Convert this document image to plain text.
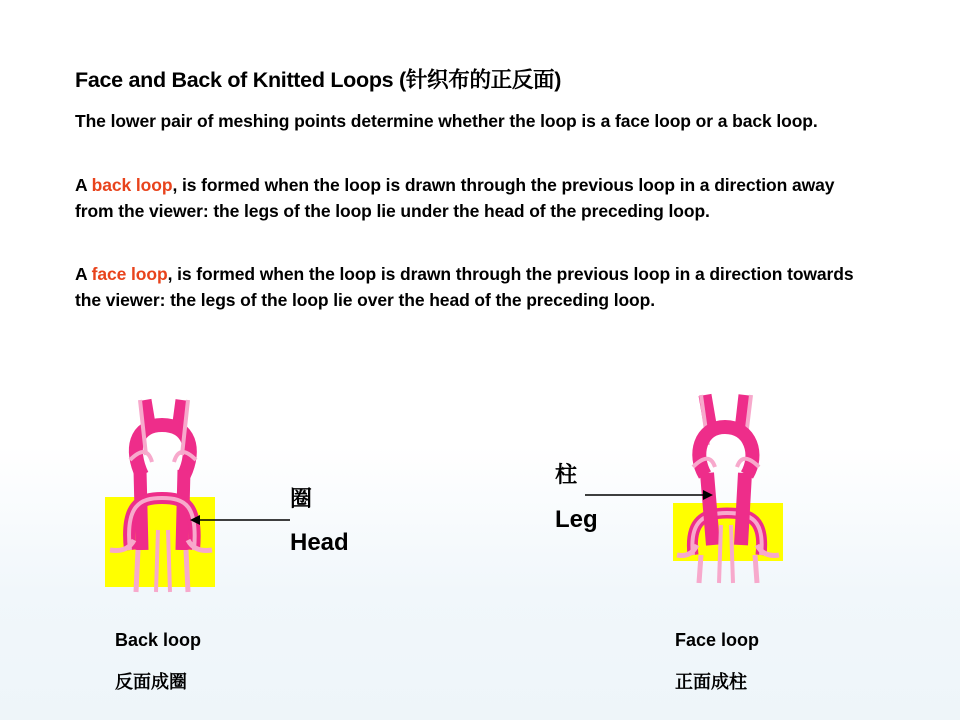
Face and Back of Knitted Loops (针织布的正反面)

The lower pair of meshing points determine whether the loop is a face loop or a back loop.

A back loop, is formed when the loop is drawn through the previous loop in a direction away from the viewer: the legs of the loop lie under the head of the preceding loop.

A face loop, is formed when the loop is drawn through the previous loop in a direction towards the viewer: the legs of the loop lie over the head of the preceding loop.

圈

Head

柱

Leg

Back loop

反面成圈

Face loop

正面成柱
